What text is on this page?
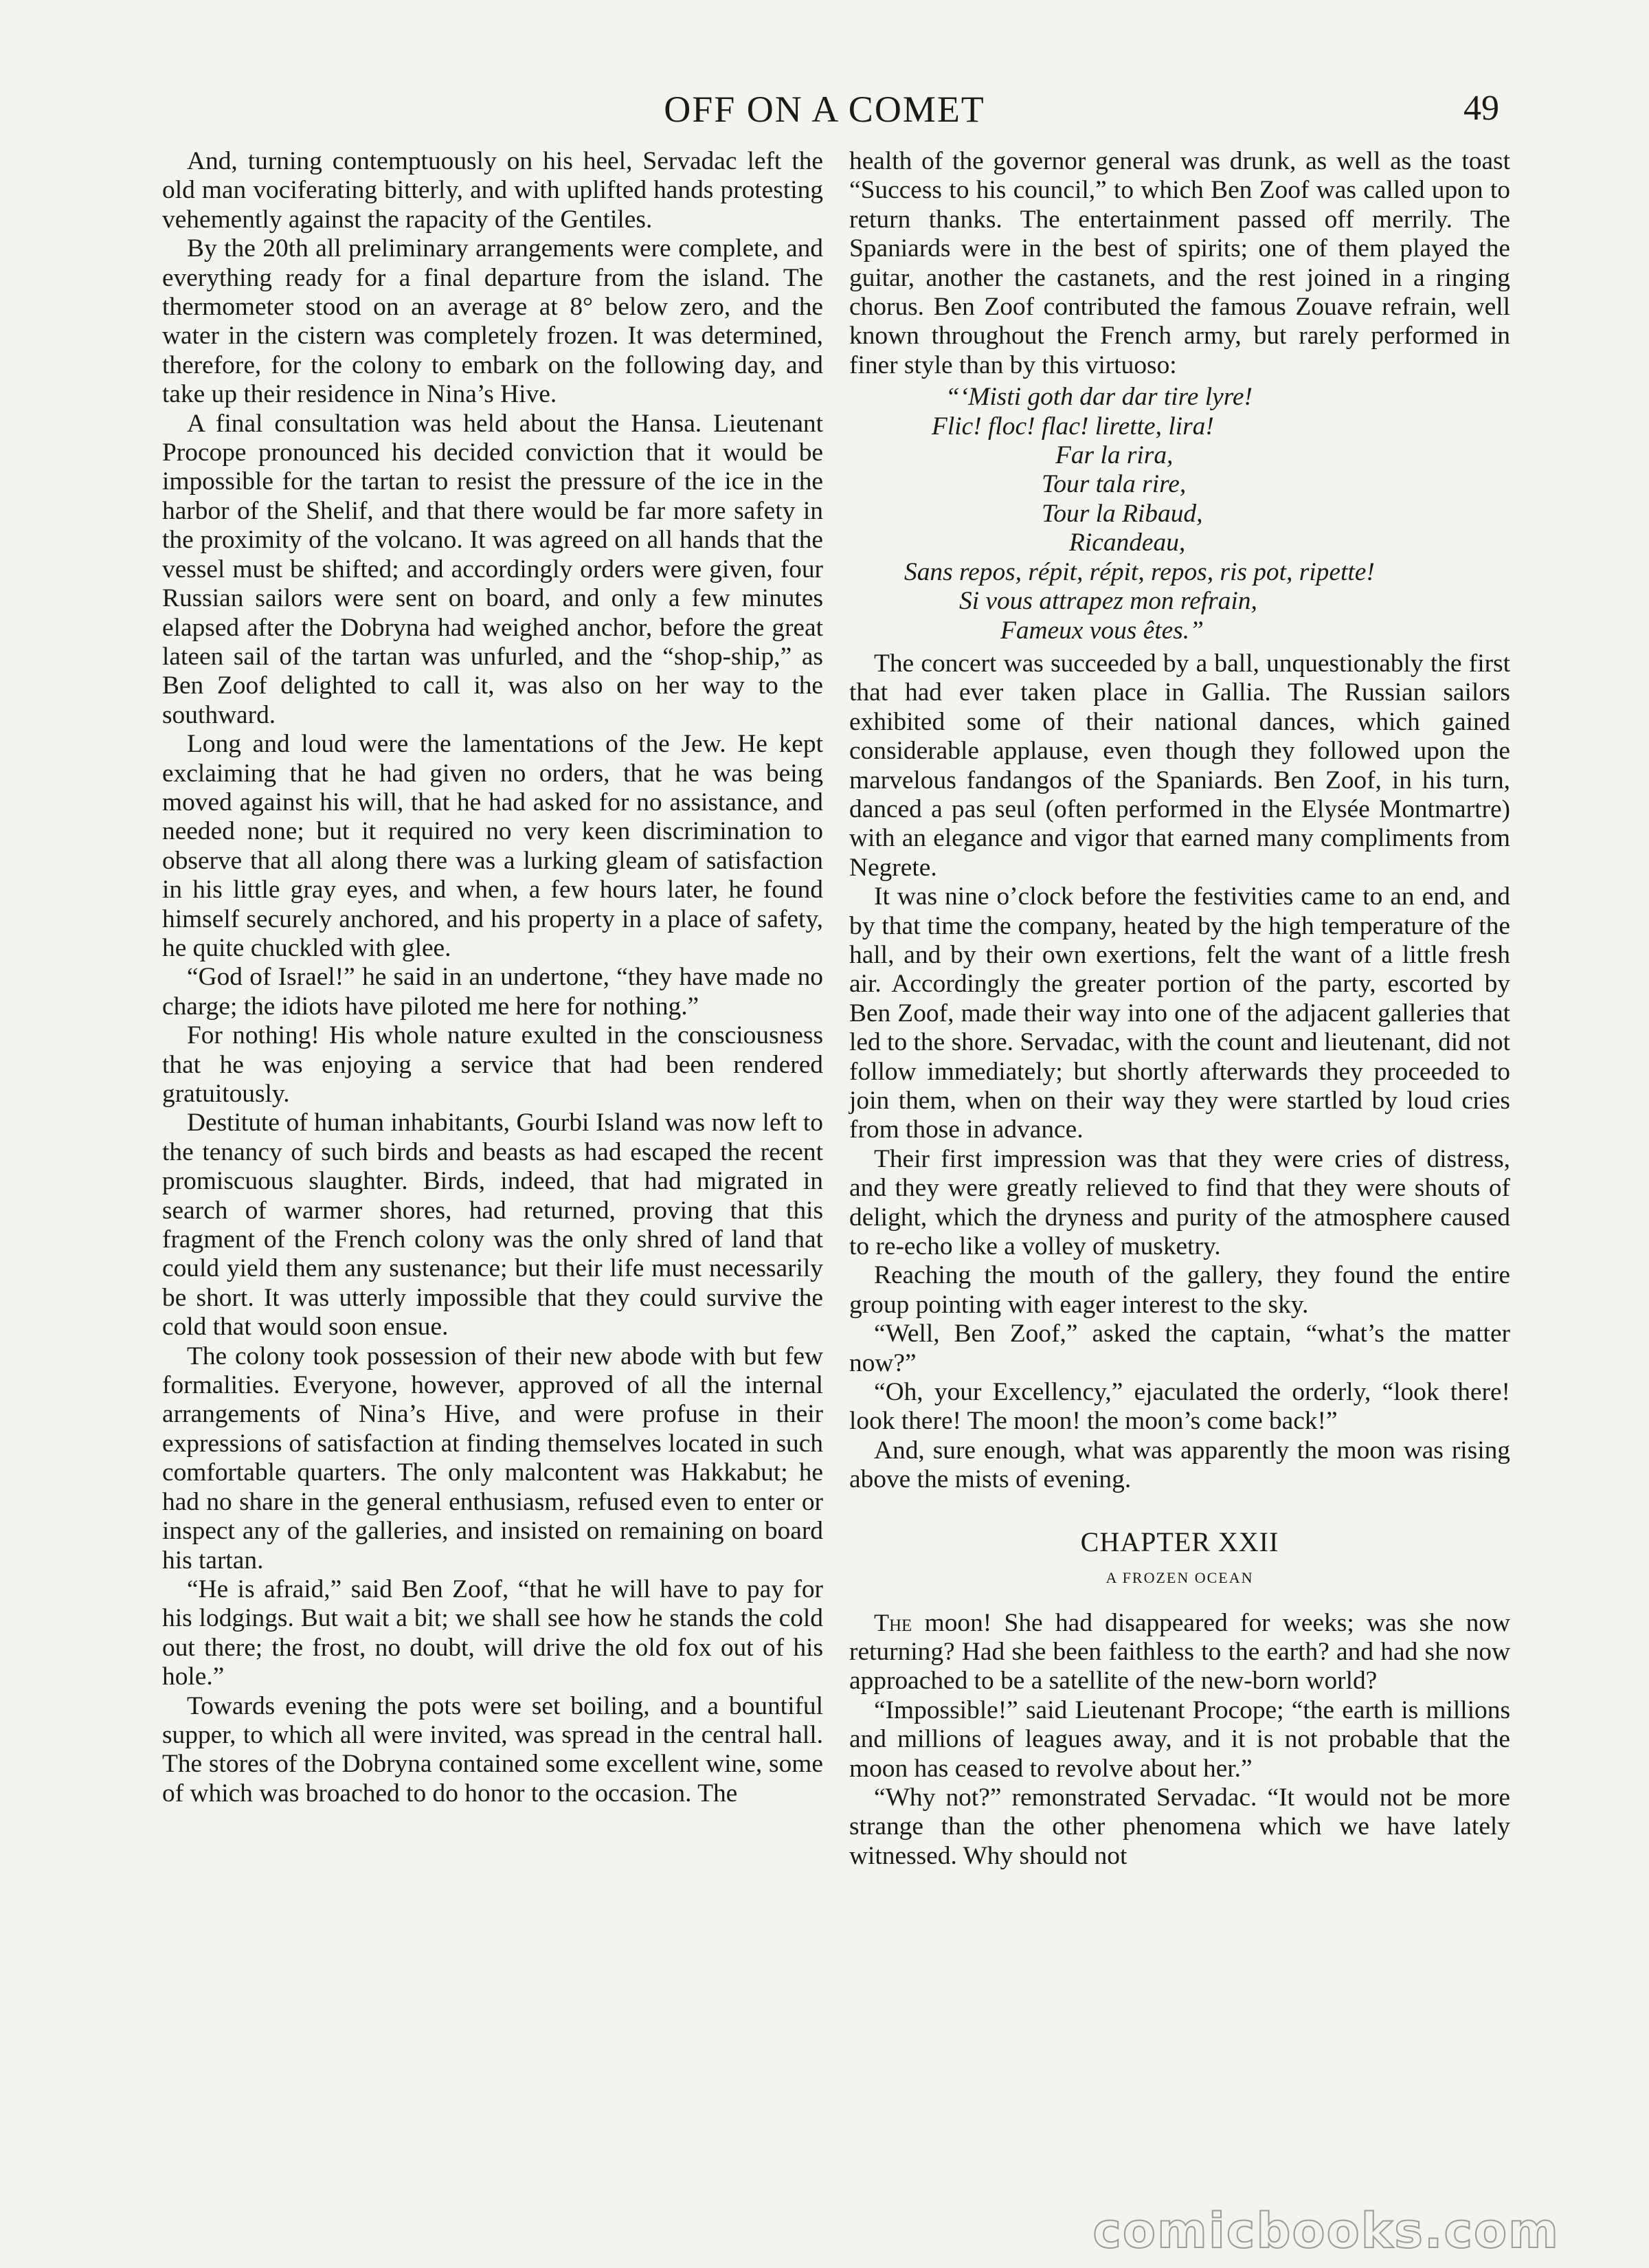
OFF ON A COMET	49

And, turning contemptuously on his heel, Servadac left the old man vociferating bitterly, and with uplifted hands protesting vehemently against the rapacity of the Gentiles.

By the 20th all preliminary arrangements were complete, and everything ready for a final departure from the island. The thermometer stood on an average at 8° below zero, and the water in the cistern was completely frozen. It was determined, therefore, for the colony to embark on the following day, and take up their residence in Nina’s Hive.

A final consultation was held about the Hansa. Lieutenant Procope pronounced his decided conviction that it would be impossible for the tartan to resist the pressure of the ice in the harbor of the Shelif, and that there would be far more safety in the proximity of the volcano. It was agreed on all hands that the vessel must be shifted; and accordingly orders were given, four Russian sailors were sent on board, and only a few minutes elapsed after the Dobryna had weighed anchor, before the great lateen sail of the tartan was unfurled, and the “shop-ship,” as Ben Zoof delighted to call it, was also on her way to the southward.

Long and loud were the lamentations of the Jew. He kept exclaiming that he had given no orders, that he was being moved against his will, that he had asked for no assistance, and needed none; but it required no very keen discrimination to observe that all along there was a lurking gleam of satisfaction in his little gray eyes, and when, a few hours later, he found himself securely anchored, and his property in a place of safety, he quite chuckled with glee.

“God of Israel!” he said in an undertone, “they have made no charge; the idiots have piloted me here for nothing.”

For nothing! His whole nature exulted in the consciousness that he was enjoying a service that had been rendered gratuitously.

Destitute of human inhabitants, Gourbi Island was now left to the tenancy of such birds and beasts as had escaped the recent promiscuous slaughter. Birds, indeed, that had migrated in search of warmer shores, had returned, proving that this fragment of the French colony was the only shred of land that could yield them any sustenance; but their life must necessarily be short. It was utterly impossible that they could survive the cold that would soon ensue.

The colony took possession of their new abode with but few formalities. Everyone, however, approved of all the internal arrangements of Nina’s Hive, and were profuse in their expressions of satisfaction at finding themselves located in such comfortable quarters. The only malcontent was Hakkabut; he had no share in the general enthusiasm, refused even to enter or inspect any of the galleries, and insisted on remaining on board his tartan.

“He is afraid,” said Ben Zoof, “that he will have to pay for his lodgings. But wait a bit; we shall see how he stands the cold out there; the frost, no doubt, will drive the old fox out of his hole.”

Towards evening the pots were set boiling, and a bountiful supper, to which all were invited, was spread in the central hall. The stores of the Dobryna contained some excellent wine, some of which was broached to do honor to the occasion. The

health of the governor general was drunk, as well as the toast “Success to his council,” to which Ben Zoof was called upon to return thanks. The entertainment passed off merrily. The Spaniards were in the best of spirits; one of them played the guitar, another the castanets, and the rest joined in a ringing chorus. Ben Zoof contributed the famous Zouave refrain, well known throughout the French army, but rarely performed in finer style than by this virtuoso:

“‘Misti goth dar dar tire lyre!
Flic! floc! flac! lirette, lira!
Far la rira,
Tour tala rire,
Tour la Ribaud,
Ricandeau,
Sans repos, répit, répit, repos, ris pot, ripette!
Si vous attrapez mon refrain,
Fameux vous êtes.”

The concert was succeeded by a ball, unquestionably the first that had ever taken place in Gallia. The Russian sailors exhibited some of their national dances, which gained considerable applause, even though they followed upon the marvelous fandangos of the Spaniards. Ben Zoof, in his turn, danced a pas seul (often performed in the Elysée Montmartre) with an elegance and vigor that earned many compliments from Negrete.

It was nine o’clock before the festivities came to an end, and by that time the company, heated by the high temperature of the hall, and by their own exertions, felt the want of a little fresh air. Accordingly the greater portion of the party, escorted by Ben Zoof, made their way into one of the adjacent galleries that led to the shore. Servadac, with the count and lieutenant, did not follow immediately; but shortly afterwards they proceeded to join them, when on their way they were startled by loud cries from those in advance.

Their first impression was that they were cries of distress, and they were greatly relieved to find that they were shouts of delight, which the dryness and purity of the atmosphere caused to re-echo like a volley of musketry.

Reaching the mouth of the gallery, they found the entire group pointing with eager interest to the sky.

“Well, Ben Zoof,” asked the captain, “what’s the matter now?”

“Oh, your Excellency,” ejaculated the orderly, “look there! look there! The moon! the moon’s come back!”

And, sure enough, what was apparently the moon was rising above the mists of evening.

CHAPTER XXII
A FROZEN OCEAN

The moon! She had disappeared for weeks; was she now returning? Had she been faithless to the earth? and had she now approached to be a satellite of the new-born world?

“Impossible!” said Lieutenant Procope; “the earth is millions and millions of leagues away, and it is not probable that the moon has ceased to revolve about her.”

“Why not?” remonstrated Servadac. “It would not be more strange than the other phenomena which we have lately witnessed. Why should not

comicbooks.com
